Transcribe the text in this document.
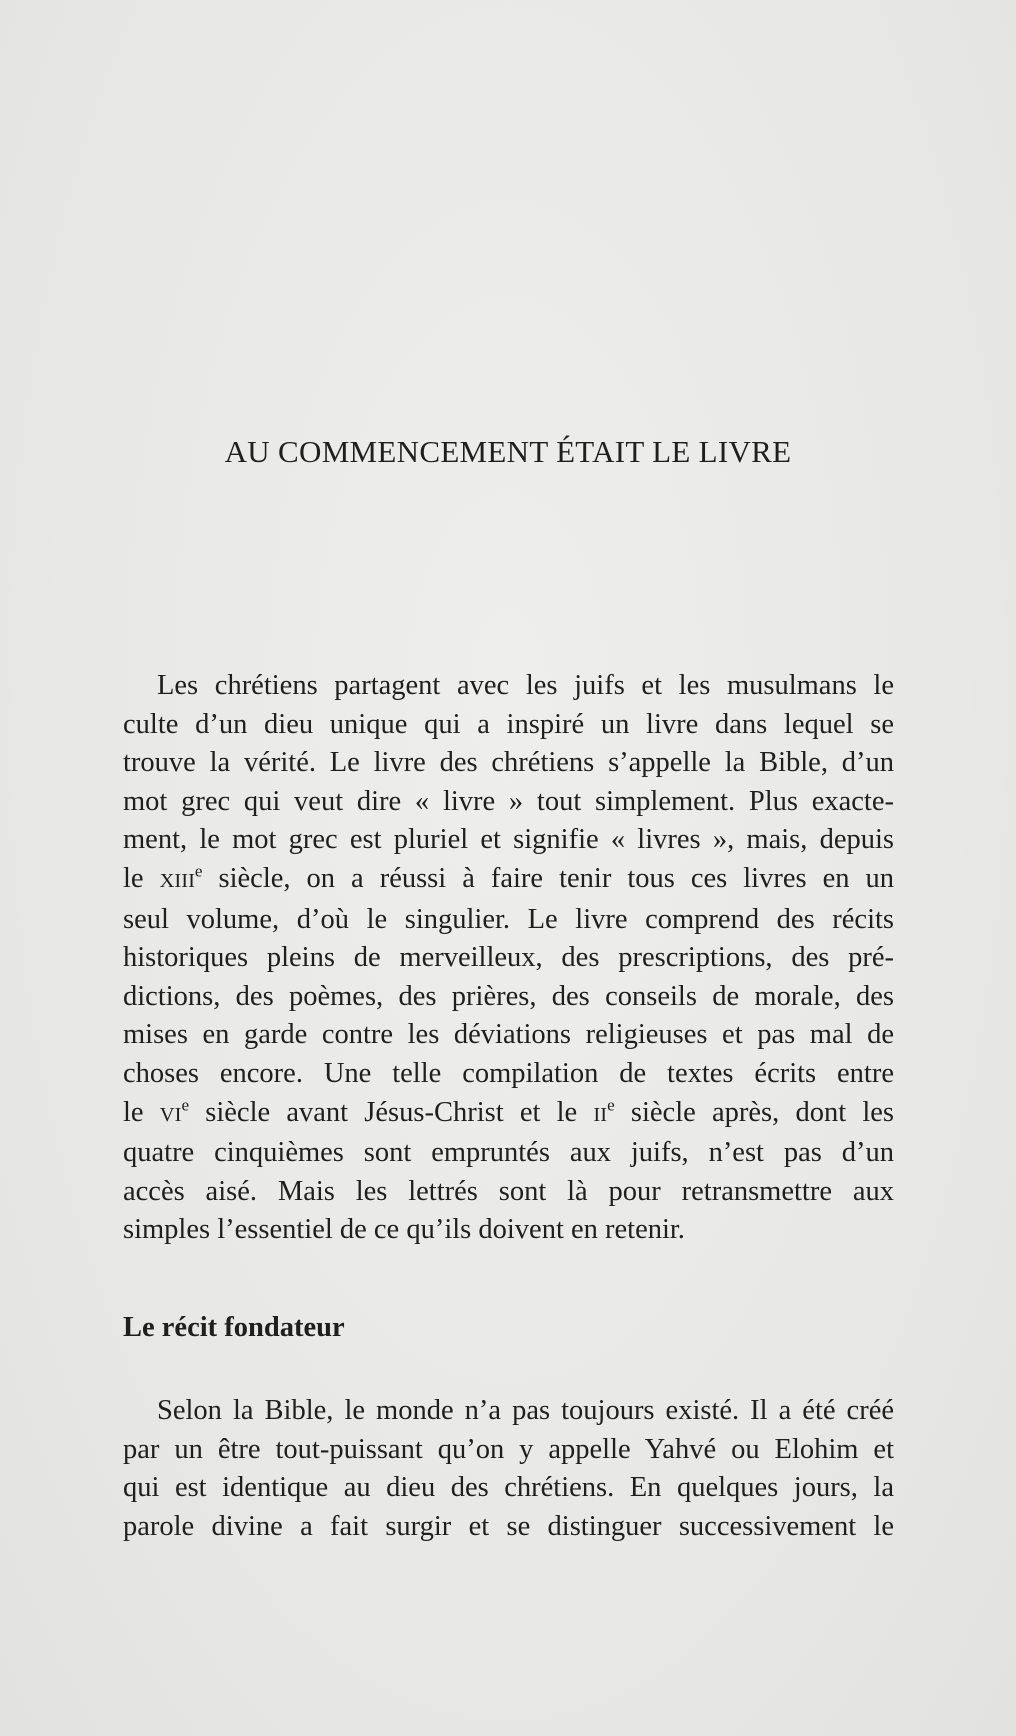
AU COMMENCEMENT ÉTAIT LE LIVRE
Les chrétiens partagent avec les juifs et les musulmans le
culte d’un dieu unique qui a inspiré un livre dans lequel se
trouve la vérité. Le livre des chrétiens s’appelle la Bible, d’un
mot grec qui veut dire « livre » tout simplement. Plus exacte-
ment, le mot grec est pluriel et signifie « livres », mais, depuis
le XIIIe siècle, on a réussi à faire tenir tous ces livres en un
seul volume, d’où le singulier. Le livre comprend des récits
historiques pleins de merveilleux, des prescriptions, des pré-
dictions, des poèmes, des prières, des conseils de morale, des
mises en garde contre les déviations religieuses et pas mal de
choses encore. Une telle compilation de textes écrits entre
le VIe siècle avant Jésus-Christ et le IIe siècle après, dont les
quatre cinquièmes sont empruntés aux juifs, n’est pas d’un
accès aisé. Mais les lettrés sont là pour retransmettre aux
simples l’essentiel de ce qu’ils doivent en retenir.
Le récit fondateur
Selon la Bible, le monde n’a pas toujours existé. Il a été créé
par un être tout-puissant qu’on y appelle Yahvé ou Elohim et
qui est identique au dieu des chrétiens. En quelques jours, la
parole divine a fait surgir et se distinguer successivement le
